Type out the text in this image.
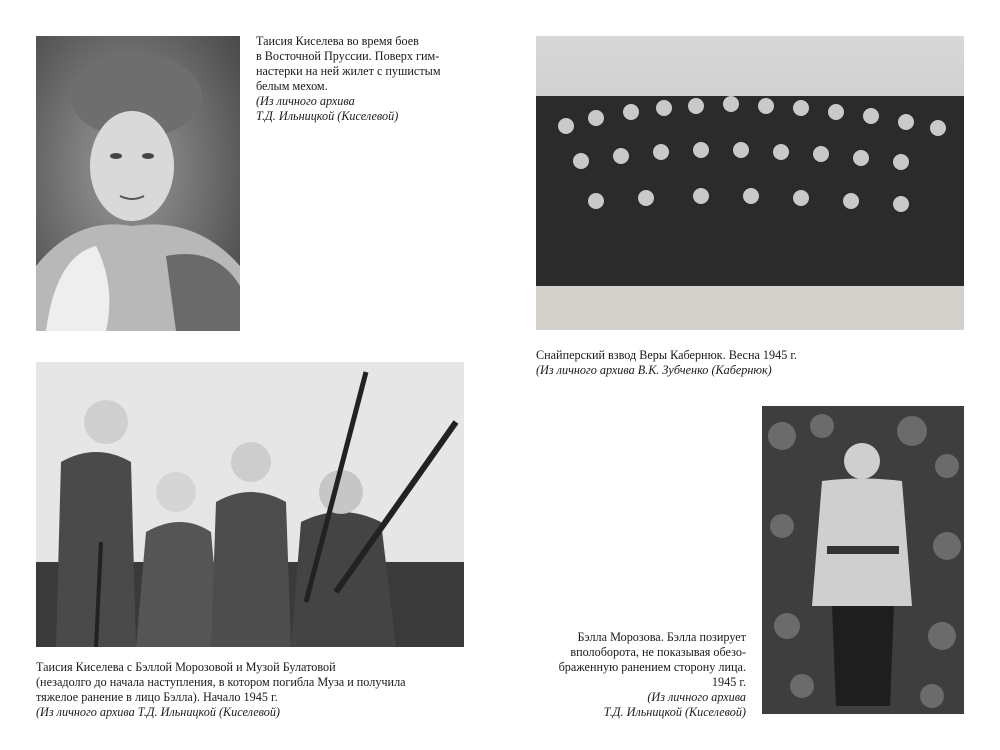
Таисия Киселева во время боев
в Восточной Пруссии. Поверх гим-
настерки на ней жилет с пушистым
белым мехом.
(Из личного архива
Т.Д. Ильницкой (Киселевой)
Снайперский взвод Веры Кабернюк. Весна 1945 г.
(Из личного архива В.К. Зубченко (Кабернюк)
Таисия Киселева с Бэллой Морозовой и Музой Булатовой
(незадолго до начала наступления, в котором погибла Муза и получила
тяжелое ранение в лицо Бэлла). Начало 1945 г.
(Из личного архива Т.Д. Ильницкой (Киселевой)
Бэлла Морозова. Бэлла позирует
вполоборота, не показывая обезо-
браженную ранением сторону лица.
1945 г.
(Из личного архива
Т.Д. Ильницкой (Киселевой)
